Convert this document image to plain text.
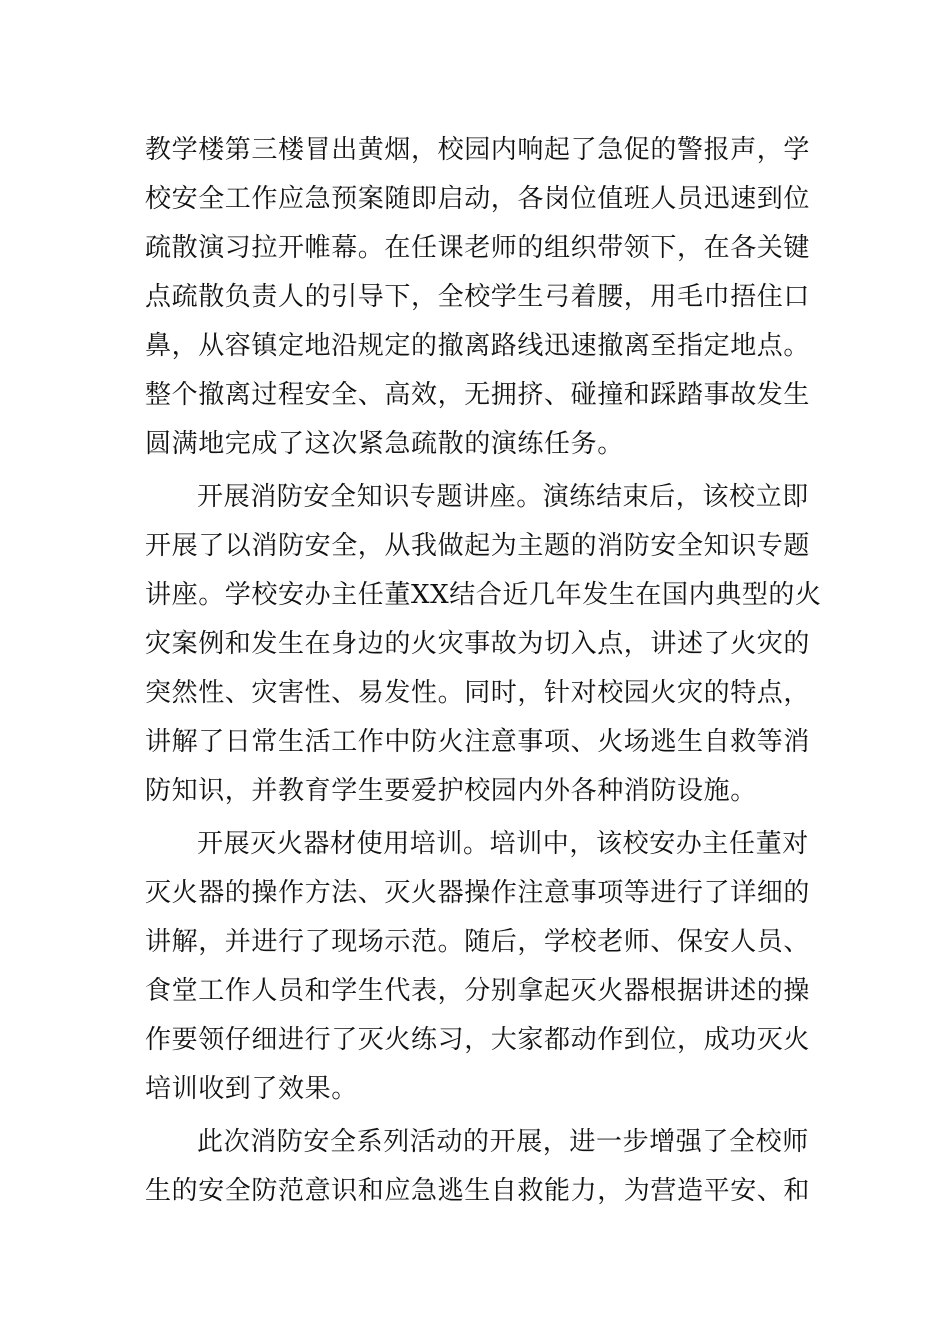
教学楼第三楼冒出黄烟，校园内响起了急促的警报声，学
校安全工作应急预案随即启动，各岗位值班人员迅速到位
疏散演习拉开帷幕。在任课老师的组织带领下，在各关键
点疏散负责人的引导下，全校学生弓着腰，用毛巾捂住口
鼻，从容镇定地沿规定的撤离路线迅速撤离至指定地点。
整个撤离过程安全、高效，无拥挤、碰撞和踩踏事故发生
圆满地完成了这次紧急疏散的演练任务。
开展消防安全知识专题讲座。演练结束后，该校立即
开展了以消防安全，从我做起为主题的消防安全知识专题
讲座。学校安办主任董XX结合近几年发生在国内典型的火
灾案例和发生在身边的火灾事故为切入点，讲述了火灾的
突然性、灾害性、易发性。同时，针对校园火灾的特点，
讲解了日常生活工作中防火注意事项、火场逃生自救等消
防知识，并教育学生要爱护校园内外各种消防设施。
开展灭火器材使用培训。培训中，该校安办主任董对
灭火器的操作方法、灭火器操作注意事项等进行了详细的
讲解，并进行了现场示范。随后，学校老师、保安人员、
食堂工作人员和学生代表，分别拿起灭火器根据讲述的操
作要领仔细进行了灭火练习，大家都动作到位，成功灭火
培训收到了效果。
此次消防安全系列活动的开展，进一步增强了全校师
生的安全防范意识和应急逃生自救能力，为营造平安、和
